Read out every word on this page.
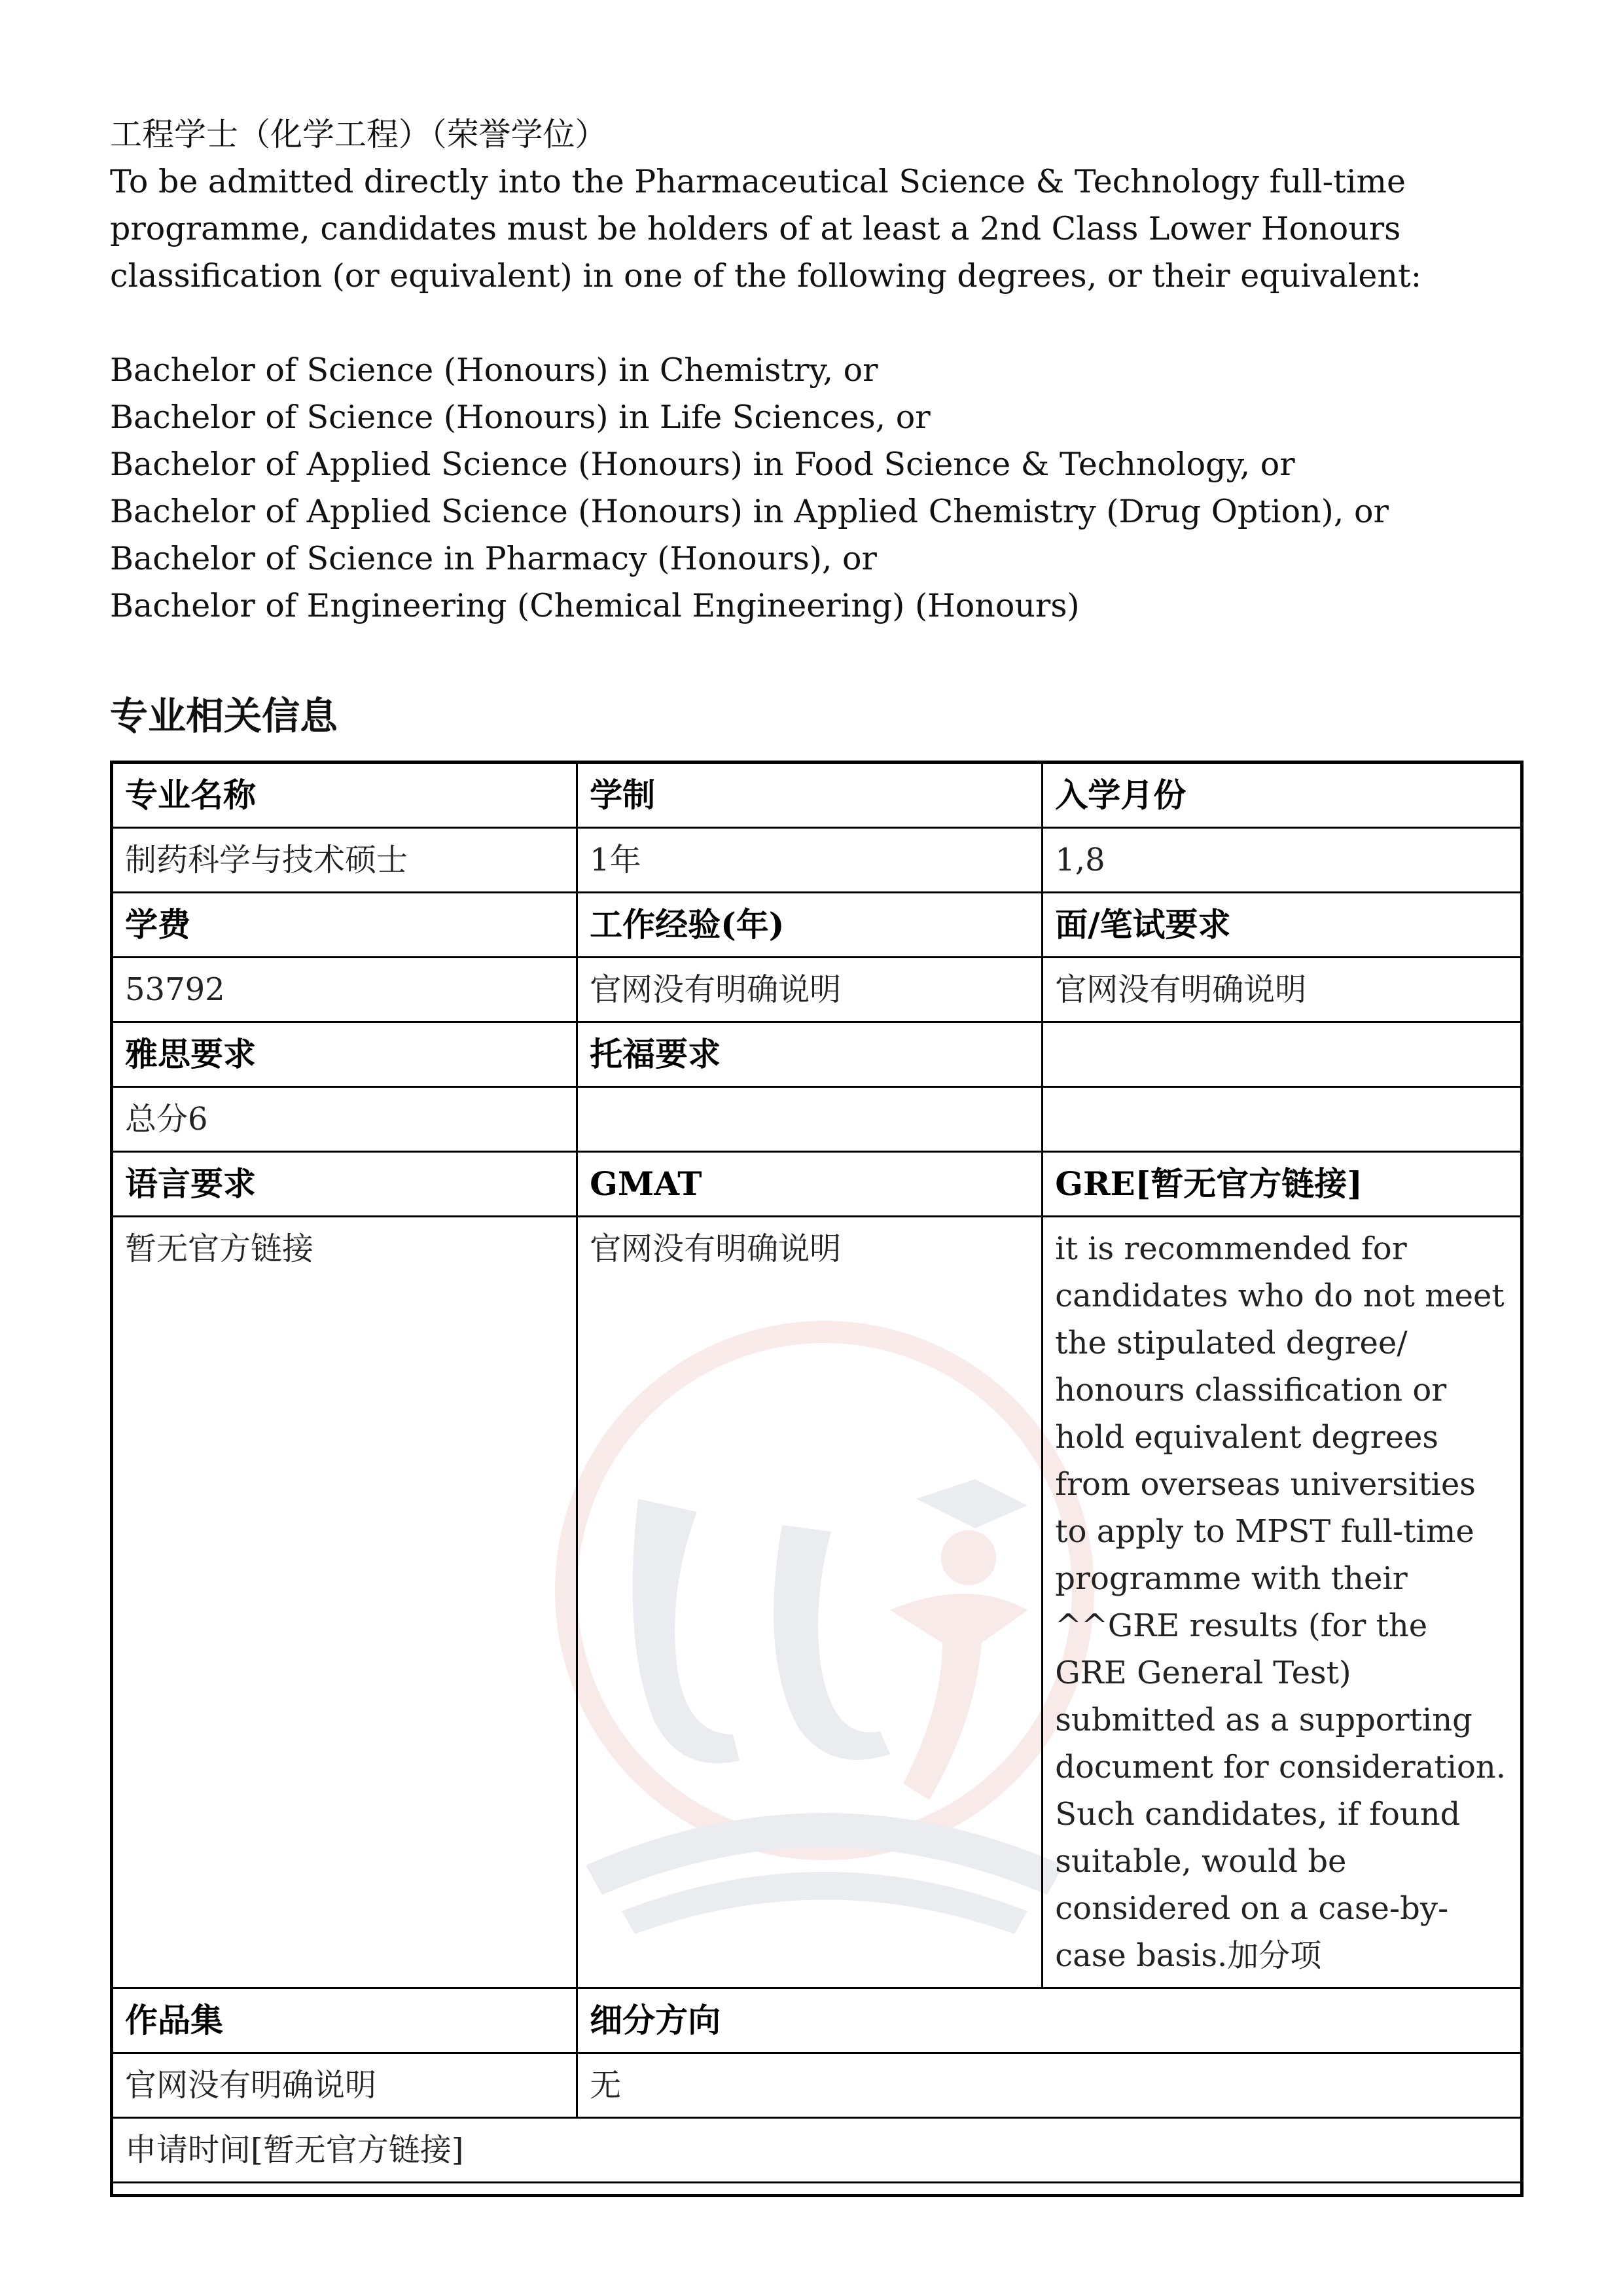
工程学士（化学工程）（荣誉学位）

To be admitted directly into the Pharmaceutical Science & Technology full-time

programme, candidates must be holders of at least a 2nd Class Lower Honours

classification (or equivalent) in one of the following degrees, or their equivalent:

Bachelor of Science (Honours) in Chemistry, or

Bachelor of Science (Honours) in Life Sciences, or

Bachelor of Applied Science (Honours) in Food Science & Technology, or

Bachelor of Applied Science (Honours) in Applied Chemistry (Drug Option), or

Bachelor of Science in Pharmacy (Honours), or

Bachelor of Engineering (Chemical Engineering) (Honours)

专业相关信息
专业名称	学制	入学月份
制药科学与技术硕士	1年	1,8
学费	工作经验(年)	面/笔试要求
53792	官网没有明确说明	官网没有明确说明
雅思要求	托福要求	
总分6		
语言要求	GMAT	GRE[暂无官方链接]
暂无官方链接	官网没有明确说明	it is recommended for candidates who do not meet the stipulated degree/ honours classification or hold equivalent degrees from overseas universities to apply to MPST full-time programme with their ^^GRE results (for the GRE General Test) submitted as a supporting document for consideration. Such candidates, if found suitable, would be considered on a case-by-case basis.加分项
作品集	细分方向	
官网没有明确说明	无	
申请时间[暂无官方链接]		
